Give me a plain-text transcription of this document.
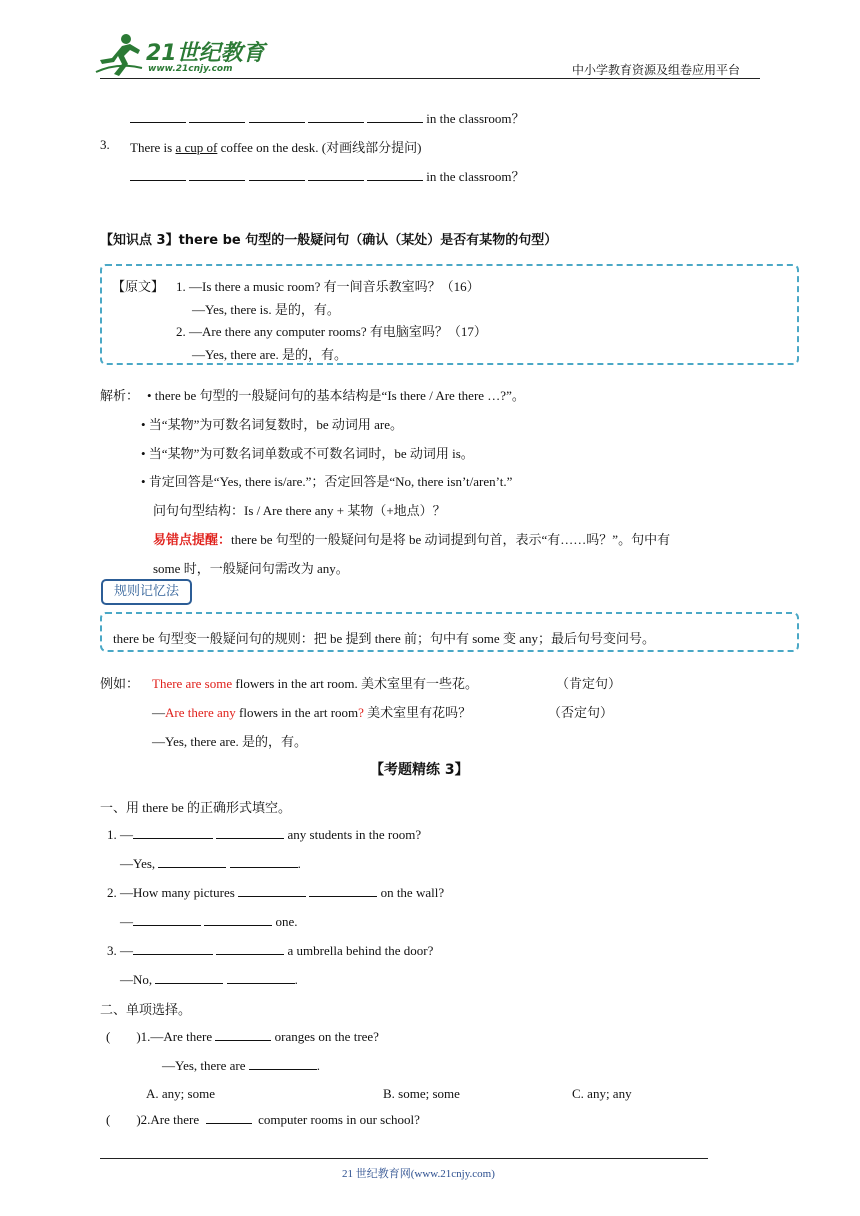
21世纪教育
www.21cnjy.com	中小学教育资源及组卷应用平台
in the classroom？
3. There is a cup of coffee on the desk. (对画线部分提问)
in the classroom？
【知识点 3】there be 句型的一般疑问句（确认（某处）是否有某物的句型）
【原文】 1. —Is there a music room? 有一间音乐教室吗？（16）
—Yes, there is. 是的，有。
2. —Are there any computer rooms? 有电脑室吗？（17）
—Yes, there are. 是的，有。
解析： • there be 句型的一般疑问句的基本结构是“Is there / Are there …?”。
• 当“某物”为可数名词复数时，be 动词用 are。
• 当“某物”为可数名词单数或不可数名词时，be 动词用 is。
• 肯定回答是“Yes, there is/are.”；否定回答是“No, there isn’t/aren’t.”
问句句型结构：Is / Are there any + 某物（+地点）？
易错点提醒：there be 句型的一般疑问句是将 be 动词提到句首，表示“有……吗？”。句中有
some 时，一般疑问句需改为 any。
规则记忆法
there be 句型变一般疑问句的规则：把 be 提到 there 前；句中有 some 变 any；最后句号变问号。
例如： There are some flowers in the art room. 美术室里有一些花。	（肯定句）
—Are there any flowers in the art room? 美术室里有花吗？	（否定句）
—Yes, there are. 是的，有。
【考题精练 3】
一、用 there be 的正确形式填空。
1. —	any students in the room?
—Yes,	.
2. —How many pictures	on the wall?
—	one.
3. —	a umbrella behind the door?
—No,	.
二、单项选择。
(        )1.—Are there	oranges on the tree?
—Yes, there are	.
A. any; some	B. some; some	C. any; any
(        )2.Are there	computer rooms in our school?
21 世纪教育网(www.21cnjy.com)
